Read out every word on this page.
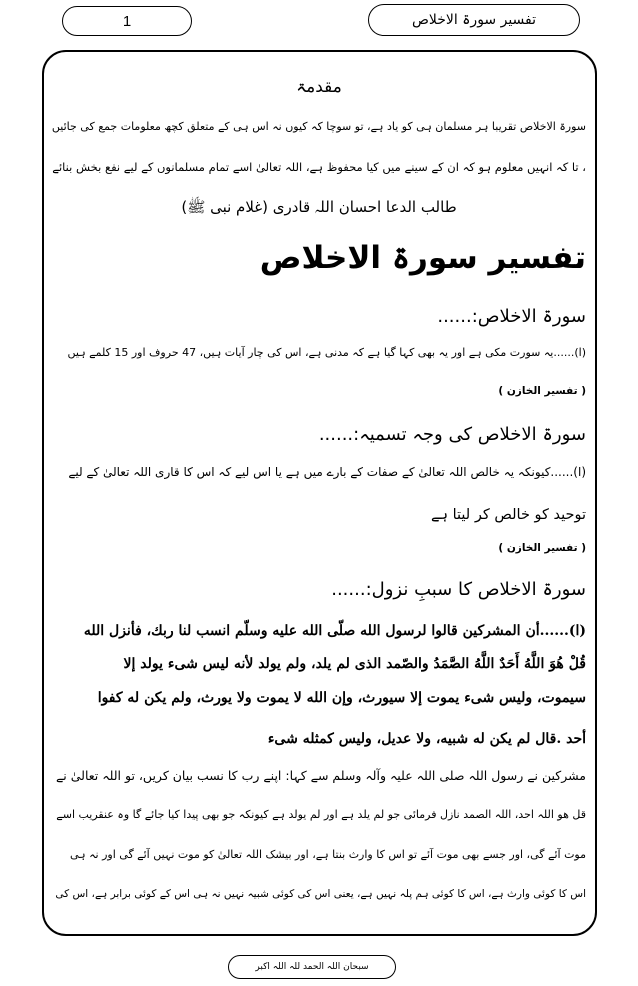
1	تفسیر سورۃ الاخلاص
مقدمۃ
سورۃ الاخلاص تقریبا ہر مسلمان ہی کو یاد ہے، تو سوچا کہ کیوں نہ اس ہی کے متعلق کچھ معلومات جمع کی جائیں
، تا کہ انہیں معلوم ہو کہ ان کے سینے میں کیا محفوظ ہے، اللہ تعالیٰ اسے تمام مسلمانوں کے لیے نفع بخش بنائے
طالب الدعا احسان اللہ قادری (غلام نبی ﷺ)
تفسیر سورۃ الاخلاص
سورۃ الاخلاص:......
(ا)......یہ سورت مکی ہے اور یہ بھی کہا گیا ہے کہ مدنی ہے، اس کی چار آیات ہیں، 47 حروف اور 15 کلمے ہیں
( تفسیر الخازن )
سورۃ الاخلاص کی وجہ تسمیہ:......
(ا)......کیونکہ یہ خالص اللہ تعالیٰ کے صفات کے بارے میں ہے یا اس لیے کہ اس کا قاری اللہ تعالیٰ کے لیے
توحید کو خالص کر لیتا ہے
( تفسیر الخازن )
سورۃ الاخلاص کا سببِ نزول:......
(ا)......أن المشركين قالوا لرسول الله صلّى الله عليه وسلّم انسب لنا ربك، فأنزل الله
قُلْ هُوَ اللَّهُ أَحَدٌ اللَّهُ الصَّمَدُ والصّمد الذى لم يلد، ولم يولد لأنه ليس شىء يولد إلا
سيموت، وليس شىء يموت إلا سيورث، وإن الله لا يموت ولا يورث، ولم يكن له كفوا
أحد .قال لم يكن له شبيه، ولا عديل، وليس كمثله شىء
مشرکین نے رسول اللہ صلی اللہ علیہ وآلہ وسلم سے کہا: اپنے رب کا نسب بیان کریں، تو اللہ تعالیٰ نے
قل ھو اللہ احد، اللہ الصمد نازل فرمائی جو لم یلد ہے اور لم یولد ہے کیونکہ جو بھی پیدا کیا جائے گا وہ عنقریب اسے
موت آئے گی، اور جسے بھی موت آئے تو اس کا وارث بنتا ہے، اور بیشک اللہ تعالیٰ کو موت نہیں آئے گی اور نہ ہی
اس کا کوئی وارث ہے، اس کا کوئی ہم پلہ نہیں ہے، یعنی اس کی کوئی شبیہ نہیں نہ ہی اس کے کوئی برابر ہے، اس کی
سبحان اللہ الحمد للہ اللہ اکبر
